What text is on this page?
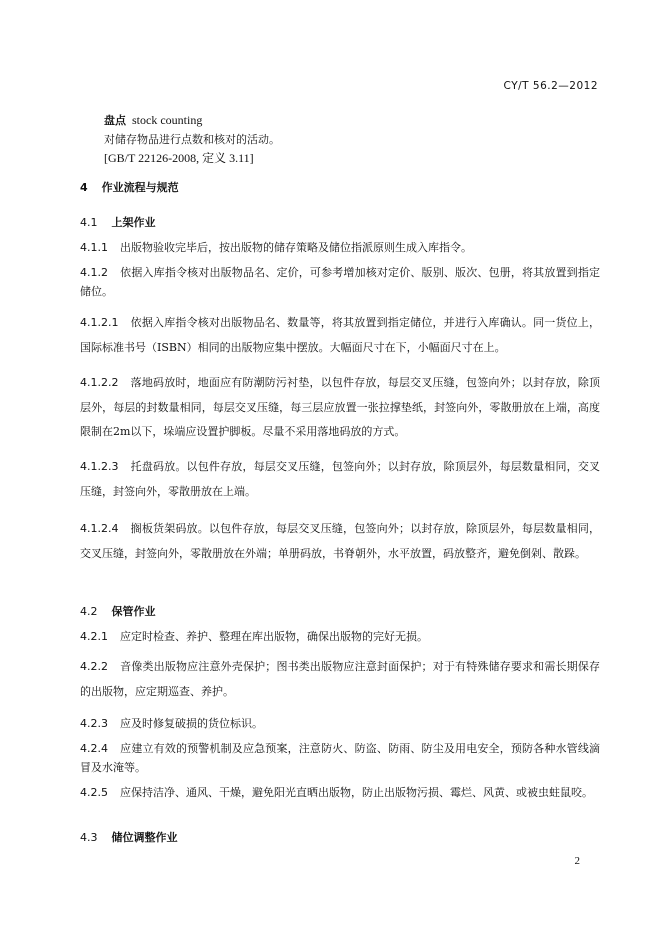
CY/T 56.2—2012
盘点 stock counting
对储存物品进行点数和核对的活动。
[GB/T 22126-2008, 定义 3.11]
4 作业流程与规范
4.1 上架作业
4.1.1 出版物验收完毕后，按出版物的储存策略及储位指派原则生成入库指令。
4.1.2 依据入库指令核对出版物品名、定价，可参考增加核对定价、版别、版次、包册，将其放置到指定储位。
4.1.2.1 依据入库指令核对出版物品名、数量等，将其放置到指定储位，并进行入库确认。同一货位上， 国际标准书号（ISBN）相同的出版物应集中摆放。大幅面尺寸在下，小幅面尺寸在上。
4.1.2.2 落地码放时，地面应有防潮防污衬垫，以包件存放，每层交叉压缝，包签向外；以封存放，除顶层外，每层的封数量相同，每层交叉压缝，每三层应放置一张拉撑垫纸，封签向外，零散册放在上端，高度限制在2m以下，垛端应设置护脚板。尽量不采用落地码放的方式。
4.1.2.3 托盘码放。以包件存放，每层交叉压缝，包签向外；以封存放，除顶层外，每层数量相同，交叉压缝，封签向外，零散册放在上端。
4.1.2.4 搁板货架码放。以包件存放，每层交叉压缝，包签向外；以封存放，除顶层外，每层数量相同，交叉压缝，封签向外，零散册放在外端；单册码放，书脊朝外，水平放置，码放整齐，避免倒剁、散跺。
4.2 保管作业
4.2.1 应定时检查、养护、整理在库出版物，确保出版物的完好无损。
4.2.2 音像类出版物应注意外壳保护；图书类出版物应注意封面保护；对于有特殊储存要求和需长期保存的出版物，应定期巡查、养护。
4.2.3 应及时修复破损的货位标识。
4.2.4 应建立有效的预警机制及应急预案，注意防火、防盗、防雨、防尘及用电安全，预防各种水管线滴冒及水淹等。
4.2.5 应保持洁净、通风、干燥，避免阳光直晒出版物，防止出版物污损、霉烂、风黄、或被虫蛀鼠咬。
4.3 储位调整作业
2
